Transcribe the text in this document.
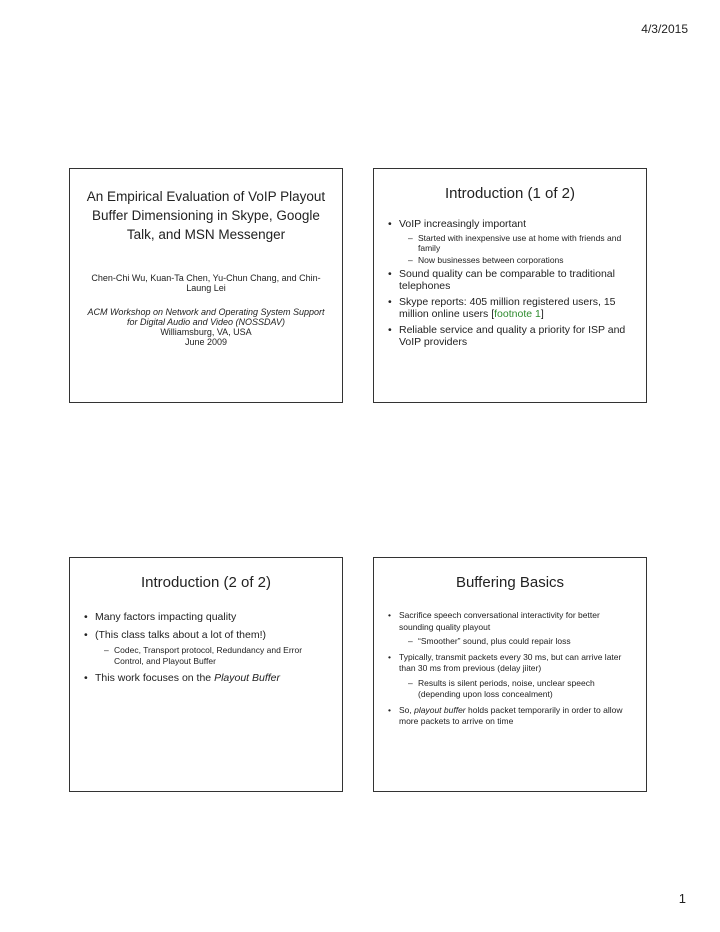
4/3/2015
An Empirical Evaluation of VoIP Playout Buffer Dimensioning in Skype, Google Talk, and MSN Messenger
Chen-Chi Wu, Kuan-Ta Chen, Yu-Chun Chang, and Chin-Laung Lei
ACM Workshop on Network and Operating System Support for Digital Audio and Video (NOSSDAV)
Williamsburg, VA, USA
June 2009
Introduction (1 of 2)
• VoIP increasingly important
– Started with inexpensive use at home with friends and family
– Now businesses between corporations
• Sound quality can be comparable to traditional telephones
• Skype reports: 405 million registered users, 15 million online users [footnote 1]
• Reliable service and quality a priority for ISP and VoIP providers
Introduction (2 of 2)
• Many factors impacting quality
• (This class talks about a lot of them!)
– Codec, Transport protocol, Redundancy and Error Control, and Playout Buffer
• This work focuses on the Playout Buffer
Buffering Basics
• Sacrifice speech conversational interactivity for better sounding quality playout
– “Smoother” sound, plus could repair loss
• Typically, transmit packets every 30 ms, but can arrive later than 30 ms from previous (delay jiiter)
– Results is silent periods, noise, unclear speech (depending upon loss concealment)
• So, playout buffer holds packet temporarily in order to allow more packets to arrive on time
1
